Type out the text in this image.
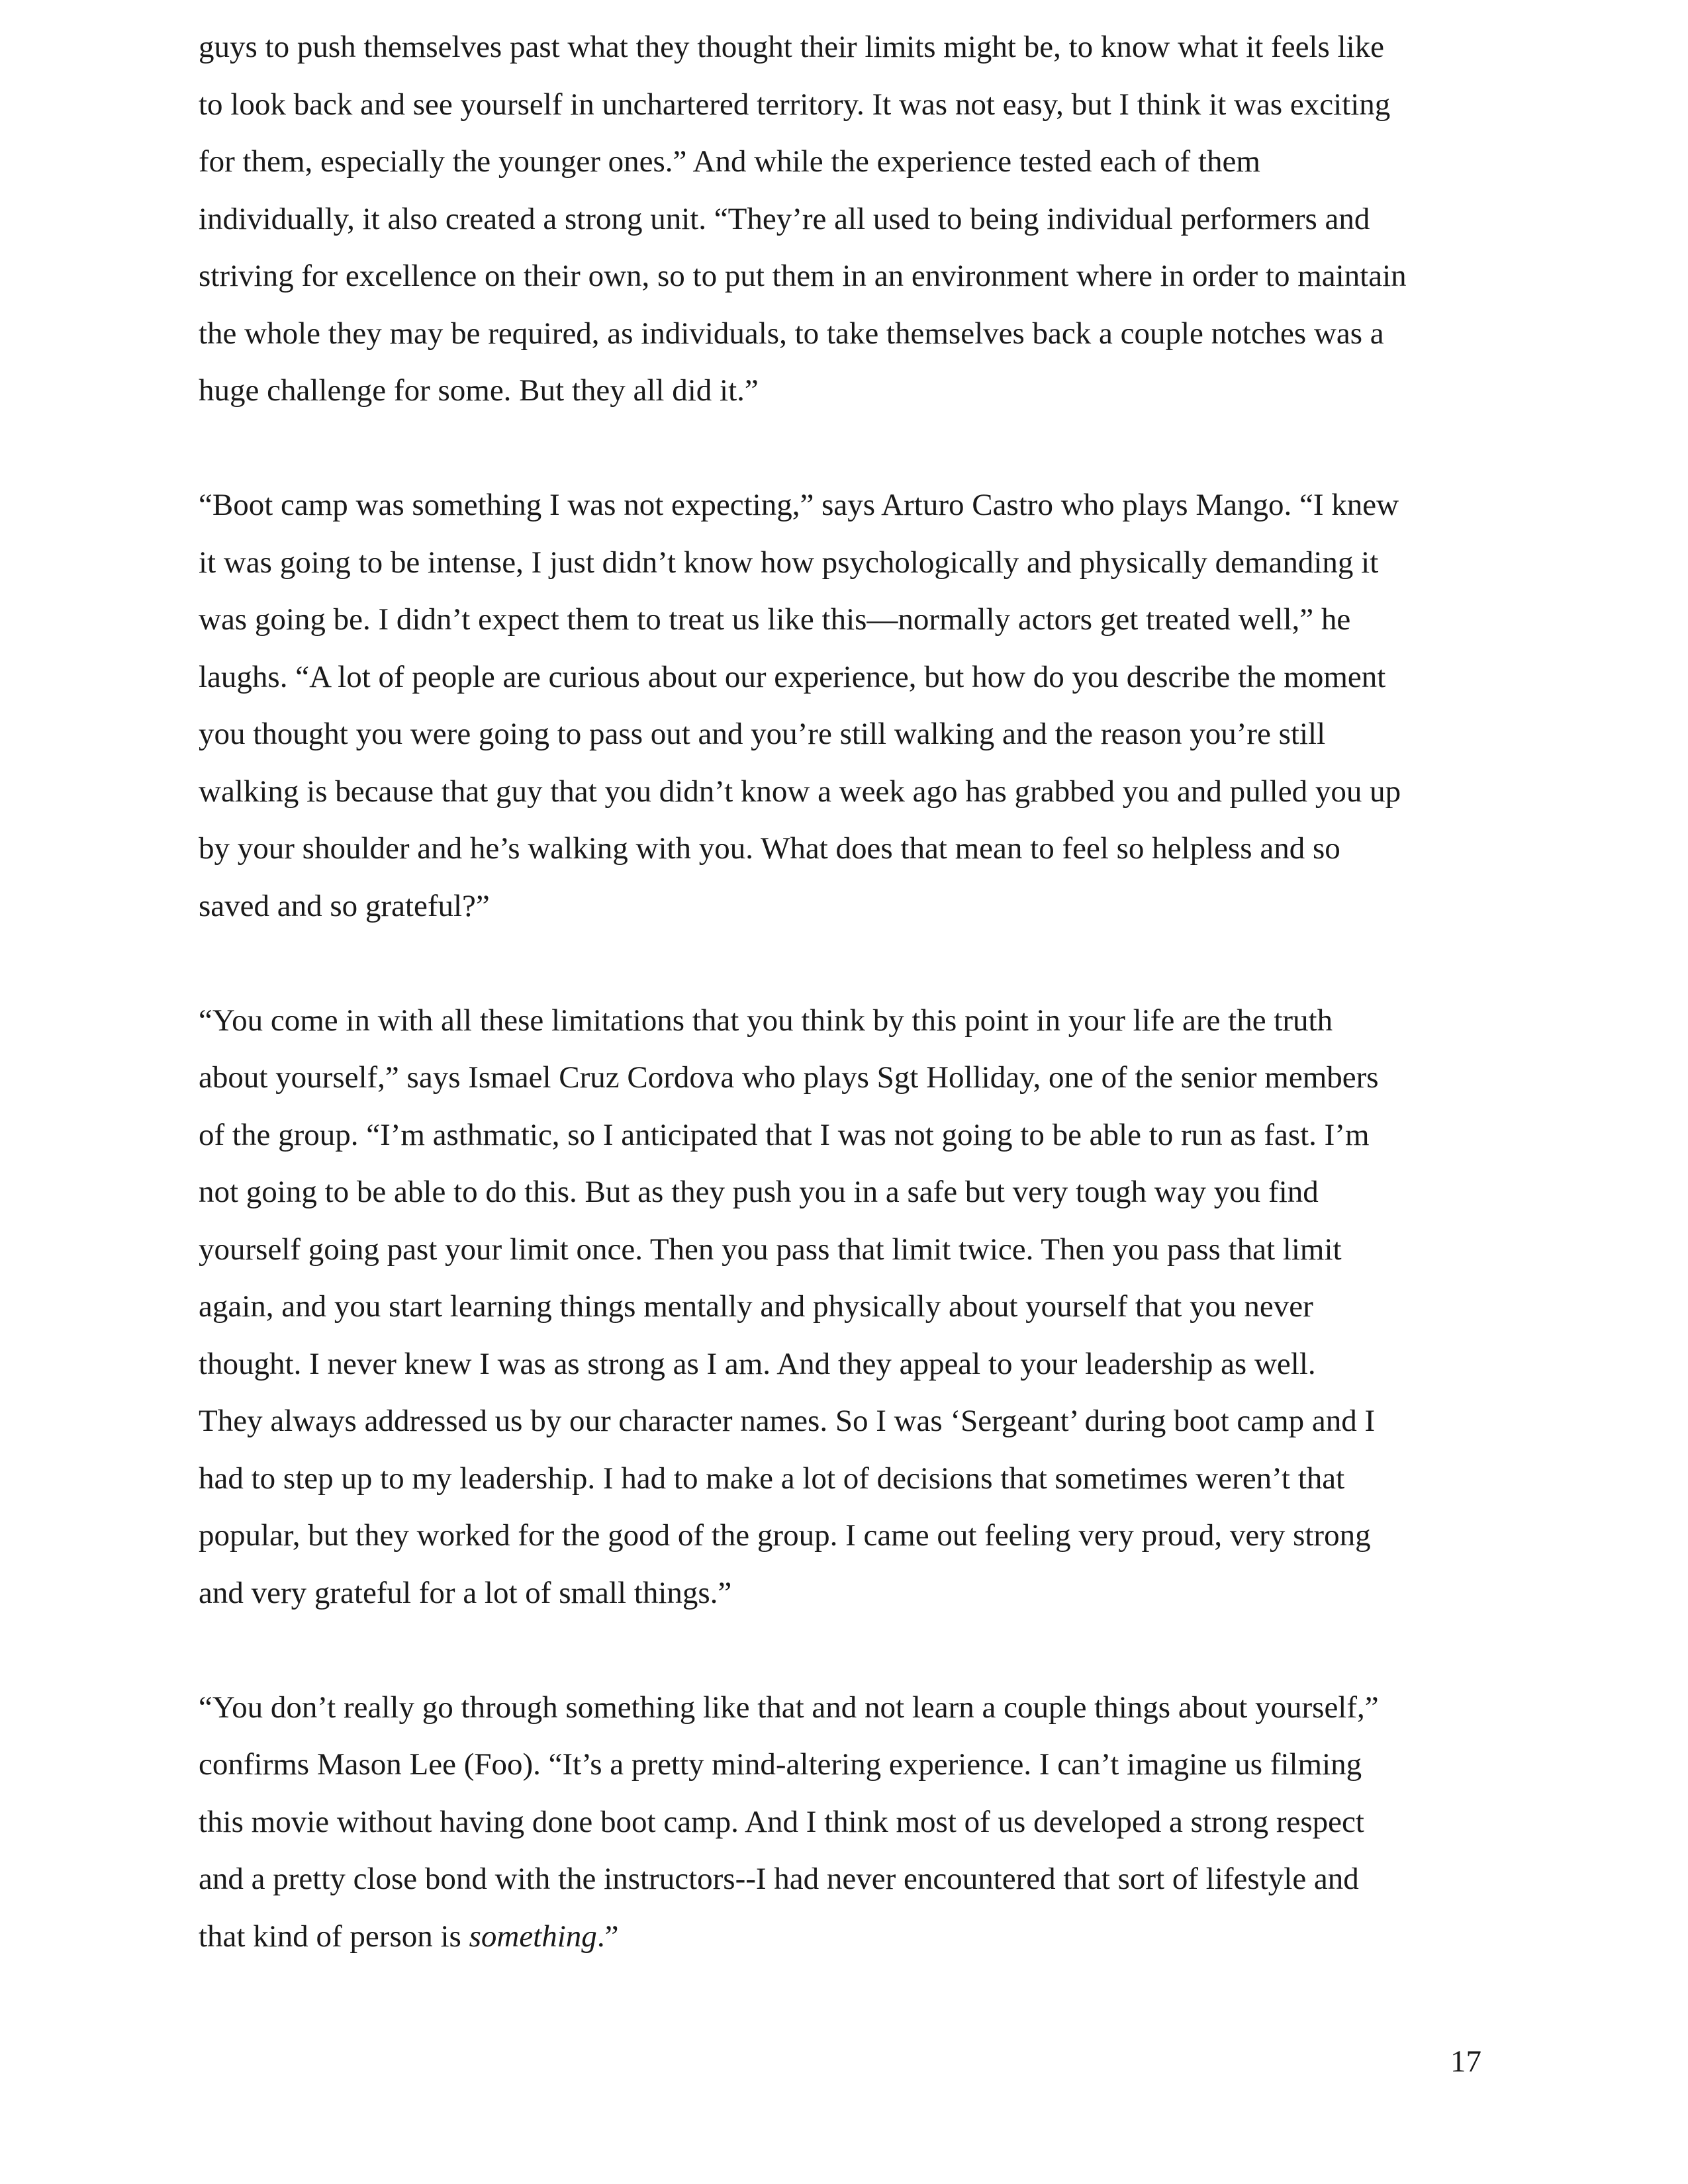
guys to push themselves past what they thought their limits might be, to know what it feels like
to look back and see yourself in unchartered territory. It was not easy, but I think it was exciting
for them, especially the younger ones.” And while the experience tested each of them
individually, it also created a strong unit. “They’re all used to being individual performers and
striving for excellence on their own, so to put them in an environment where in order to maintain
the whole they may be required, as individuals, to take themselves back a couple notches was a
huge challenge for some. But they all did it.”

“Boot camp was something I was not expecting,” says Arturo Castro who plays Mango. “I knew
it was going to be intense, I just didn’t know how psychologically and physically demanding it
was going be. I didn’t expect them to treat us like this—normally actors get treated well,” he
laughs. “A lot of people are curious about our experience, but how do you describe the moment
you thought you were going to pass out and you’re still walking and the reason you’re still
walking is because that guy that you didn’t know a week ago has grabbed you and pulled you up
by your shoulder and he’s walking with you. What does that mean to feel so helpless and so
saved and so grateful?”

“You come in with all these limitations that you think by this point in your life are the truth
about yourself,” says Ismael Cruz Cordova who plays Sgt Holliday, one of the senior members
of the group. “I’m asthmatic, so I anticipated that I was not going to be able to run as fast. I’m
not going to be able to do this. But as they push you in a safe but very tough way you find
yourself going past your limit once. Then you pass that limit twice. Then you pass that limit
again, and you start learning things mentally and physically about yourself that you never
thought. I never knew I was as strong as I am. And they appeal to your leadership as well.
They always addressed us by our character names. So I was ‘Sergeant’ during boot camp and I
had to step up to my leadership. I had to make a lot of decisions that sometimes weren’t that
popular, but they worked for the good of the group. I came out feeling very proud, very strong
and very grateful for a lot of small things.”

“You don’t really go through something like that and not learn a couple things about yourself,”
confirms Mason Lee (Foo). “It’s a pretty mind-altering experience. I can’t imagine us filming
this movie without having done boot camp. And I think most of us developed a strong respect
and a pretty close bond with the instructors--I had never encountered that sort of lifestyle and
that kind of person is something.”

17
